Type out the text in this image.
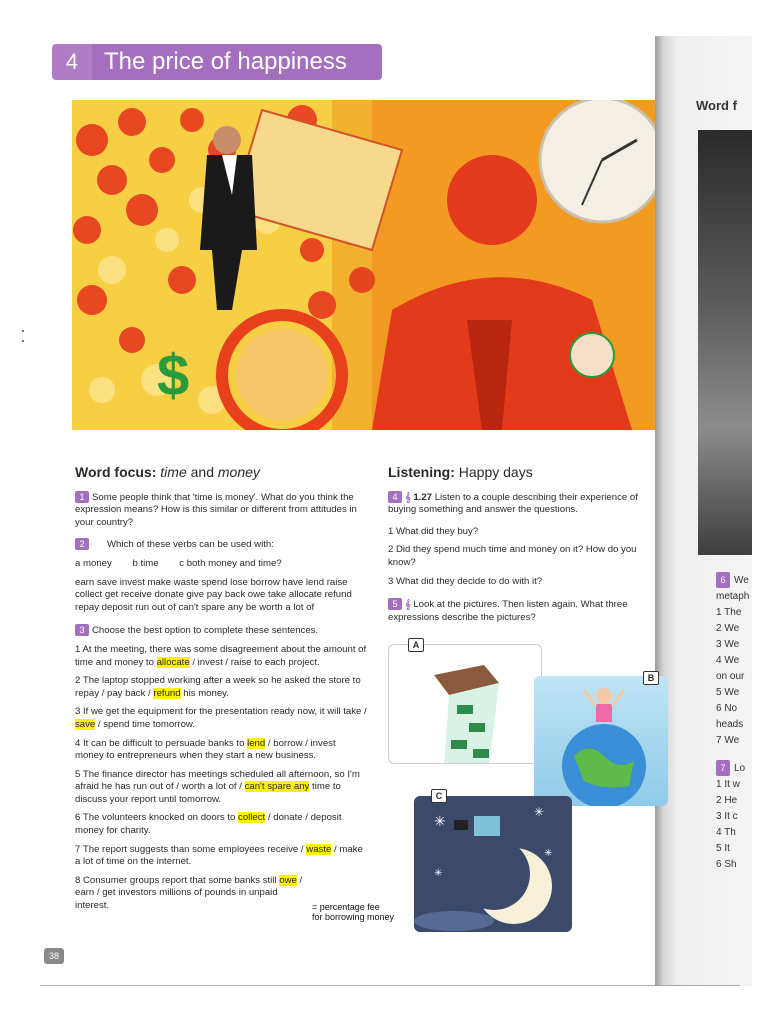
4	The price of happiness
$
Word f
6 We
metaph
1 The
2 We
3 We
4 We
on our
5 We
6 No
heads
7 We
7 Lo
1 It w
2 He
3 It c
4 Th
5 It
6 Sh
Word focus: time and money
1 Some people think that 'time is money'. What do you think the expression means? How is this similar or different from attitudes in your country?
2 Which of these verbs can be used with:
a money b time c both money and time?
earn save invest make waste spend lose borrow have lend raise collect get receive donate give pay back owe take allocate refund repay deposit run out of can't spare any be worth a lot of
3 Choose the best option to complete these sentences.
1 At the meeting, there was some disagreement about the amount of time and money to allocate / invest / raise to each project.
2 The laptop stopped working after a week so he asked the store to repay / pay back / refund his money.
3 If we get the equipment for the presentation ready now, it will take / save / spend time tomorrow.
4 It can be difficult to persuade banks to lend / borrow / invest money to entrepreneurs when they start a new business.
5 The finance director has meetings scheduled all afternoon, so I'm afraid he has run out of / worth a lot of / can't spare any time to discuss your report until tomorrow.
6 The volunteers knocked on doors to collect / donate / deposit money for charity.
7 The report suggests than some employees receive / waste / make a lot of time on the internet.
8 Consumer groups report that some banks still owe / earn / get investors millions of pounds in unpaid interest.
Listening: Happy days
4 𝄞 1.27 Listen to a couple describing their experience of buying something and answer the questions.
1 What did they buy?
2 Did they spend much time and money on it? How do you know?
3 What did they decide to do with it?
5 𝄞 Look at the pictures. Then listen again. What three expressions describe the pictures?
A
B
✳
✳
✳
✳
C
= percentage fee
for borrowing money
38
